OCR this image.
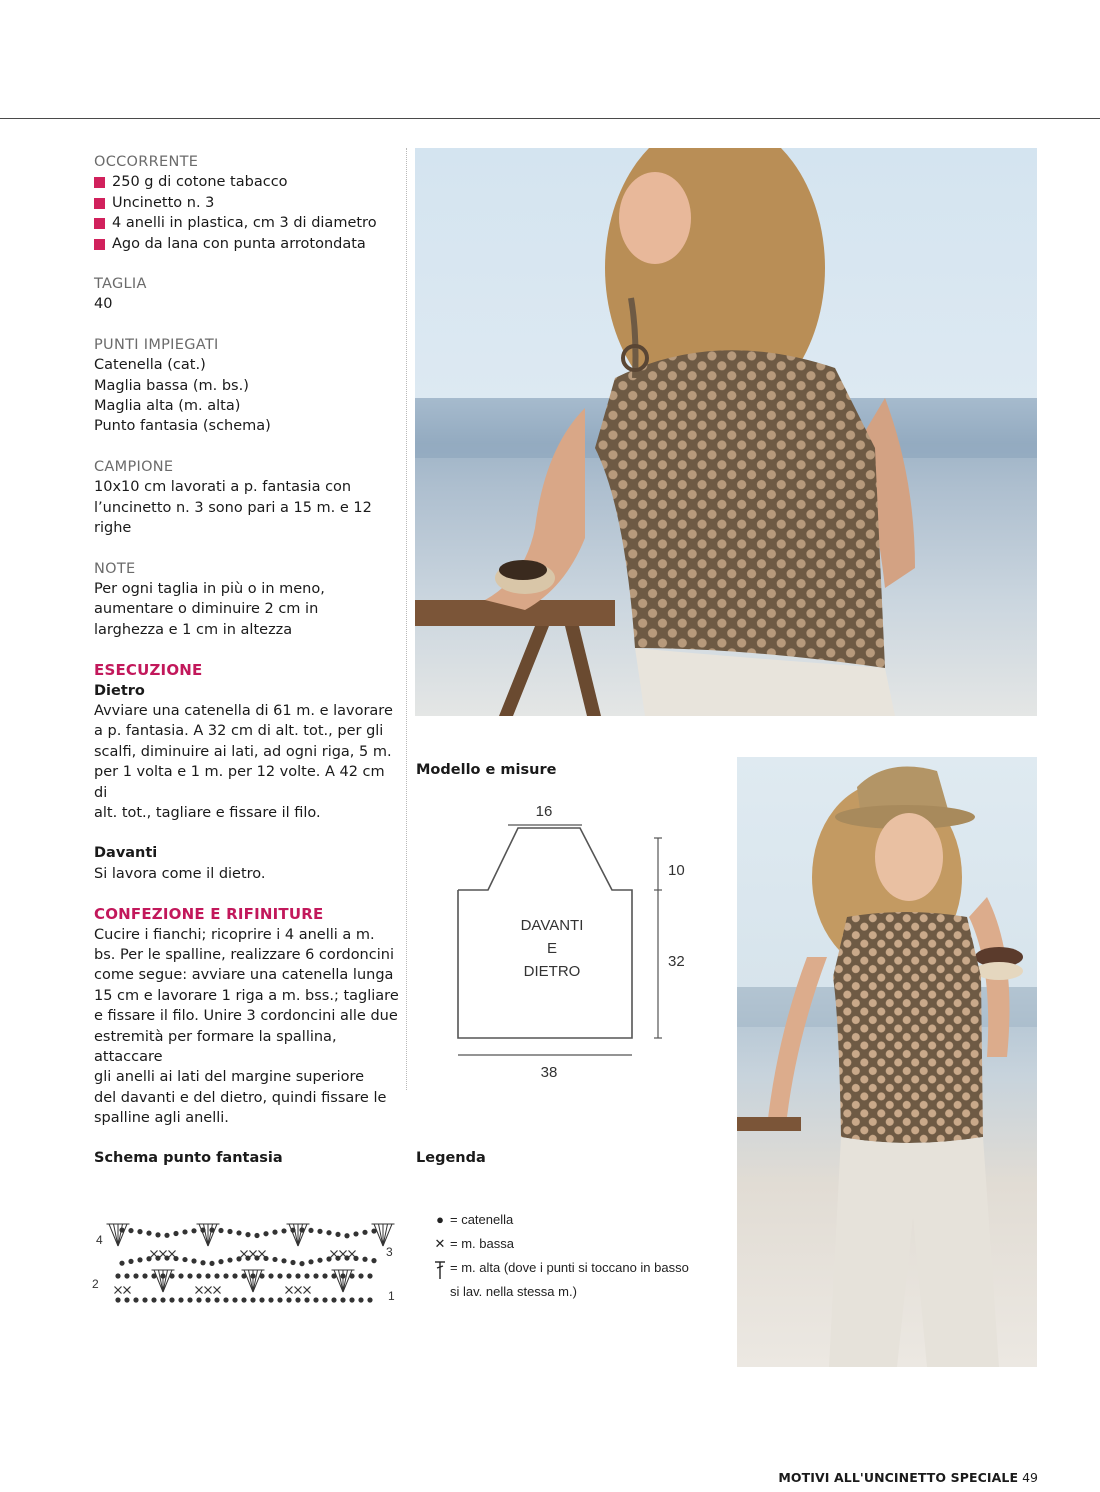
OCCORRENTE
250 g di cotone tabacco
Uncinetto n. 3
4 anelli in plastica, cm 3 di diametro
Ago da lana con punta arrotondata
TAGLIA
40
PUNTI IMPIEGATI
Catenella (cat.)
Maglia bassa (m. bs.)
Maglia alta (m. alta)
Punto fantasia (schema)
CAMPIONE
10x10 cm lavorati a p. fantasia con
l’uncinetto n. 3 sono pari a 15 m. e 12
righe
NOTE
Per ogni taglia in più o in meno,
aumentare o diminuire 2 cm in
larghezza e 1 cm in altezza
ESECUZIONE
Dietro
Avviare una catenella di 61 m. e lavorare
a p. fantasia. A 32 cm di alt. tot., per gli
scalfi, diminuire ai lati, ad ogni riga, 5 m.
per 1 volta e 1 m. per 12 volte. A 42 cm di
alt. tot., tagliare e fissare il filo.
Davanti
Si lavora come il dietro.
CONFEZIONE E RIFINITURE
Cucire i fianchi; ricoprire i 4 anelli a m.
bs. Per le spalline, realizzare 6 cordoncini
come segue: avviare una catenella lunga
15 cm e lavorare 1 riga a m. bss.; tagliare
e fissare il filo. Unire 3 cordoncini alle due
estremità per formare la spallina, attaccare
gli anelli ai lati del margine superiore
del davanti e del dietro, quindi fissare le
spalline agli anelli.
Modello e misure
16
10
32
38
DAVANTI
E
DIETRO
Schema punto fantasia
2
4
3
1
Legenda
● = catenella
✕ = m. bassa
= m. alta (dove i punti si toccano in basso
si lav. nella stessa m.)
MOTIVI ALL'UNCINETTO SPECIALE 49
